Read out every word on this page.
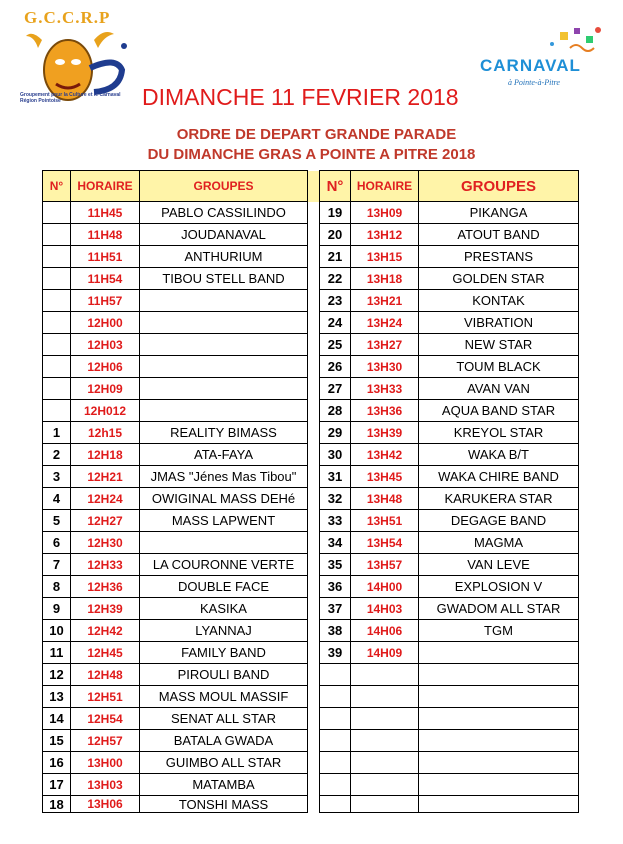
G.C.C.R.P
Groupement pour la Culture et le Carnaval Région Pointoise
CARNAVAL
à Pointe-à-Pitre
DIMANCHE 11 FEVRIER 2018
ORDRE DE DEPART GRANDE PARADE
DU DIMANCHE GRAS A POINTE A PITRE 2018
N°	HORAIRE	GROUPES		N°	HORAIRE	GROUPES
	11H45	PABLO CASSILINDO		19	13H09	PIKANGA
	11H48	JOUDANAVAL		20	13H12	ATOUT BAND
	11H51	ANTHURIUM		21	13H15	PRESTANS
	11H54	TIBOU STELL BAND		22	13H18	GOLDEN STAR
	11H57			23	13H21	KONTAK
	12H00			24	13H24	VIBRATION
	12H03			25	13H27	NEW STAR
	12H06			26	13H30	TOUM BLACK
	12H09			27	13H33	AVAN VAN
	12H012			28	13H36	AQUA BAND STAR
1	12h15	REALITY BIMASS		29	13H39	KREYOL STAR
2	12H18	ATA-FAYA		30	13H42	WAKA B/T
3	12H21	JMAS "Jénes Mas Tibou"		31	13H45	WAKA CHIRE BAND
4	12H24	OWIGINAL MASS DEHé		32	13H48	KARUKERA STAR
5	12H27	MASS LAPWENT		33	13H51	DEGAGE BAND
6	12H30			34	13H54	MAGMA
7	12H33	LA COURONNE VERTE		35	13H57	VAN LEVE
8	12H36	DOUBLE FACE		36	14H00	EXPLOSION V
9	12H39	KASIKA		37	14H03	GWADOM ALL STAR
10	12H42	LYANNAJ		38	14H06	TGM
11	12H45	FAMILY BAND		39	14H09	
12	12H48	PIROULI BAND				
13	12H51	MASS MOUL MASSIF				
14	12H54	SENAT ALL STAR				
15	12H57	BATALA GWADA				
16	13H00	GUIMBO ALL STAR				
17	13H03	MATAMBA				
18	13H06	TONSHI MASS				
